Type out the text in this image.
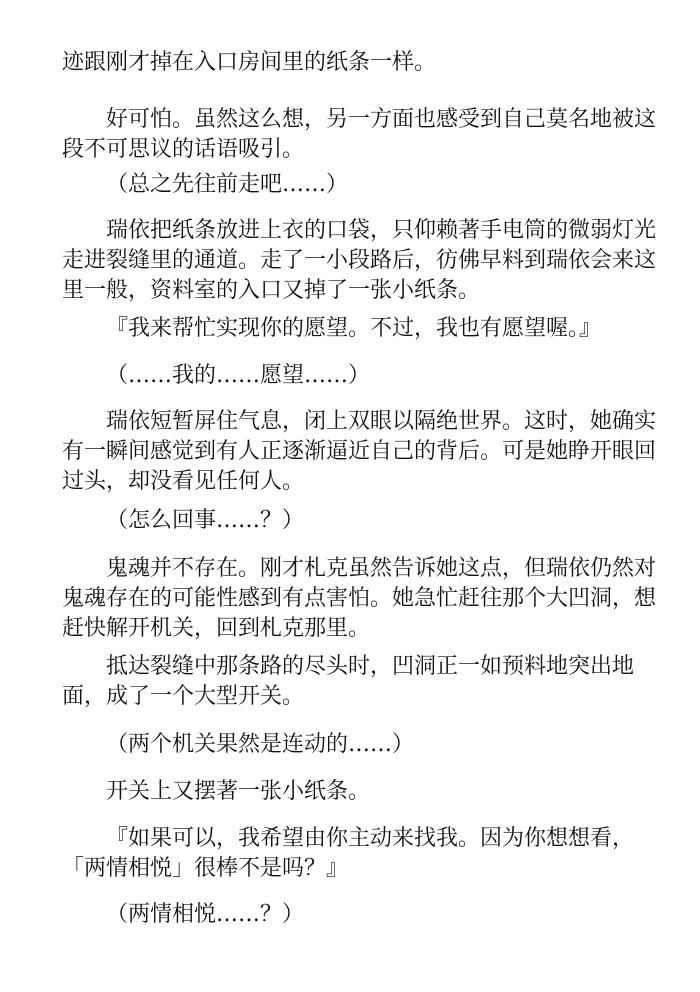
迹跟刚才掉在入口房间里的纸条一样。
好可怕。虽然这么想，另一方面也感受到自己莫名地被这
段不可思议的话语吸引。
（总之先往前走吧……）
瑞依把纸条放进上衣的口袋，只仰赖著手电筒的微弱灯光
走进裂缝里的通道。走了一小段路后，彷佛早料到瑞依会来这
里一般，资料室的入口又掉了一张小纸条。
『我来帮忙实现你的愿望。不过，我也有愿望喔。』
（……我的……愿望……）
瑞依短暂屏住气息，闭上双眼以隔绝世界。这时，她确实
有一瞬间感觉到有人正逐渐逼近自己的背后。可是她睁开眼回
过头，却没看见任何人。
（怎么回事……？）
鬼魂并不存在。刚才札克虽然告诉她这点，但瑞依仍然对
鬼魂存在的可能性感到有点害怕。她急忙赶往那个大凹洞，想
赶快解开机关，回到札克那里。
抵达裂缝中那条路的尽头时，凹洞正一如预料地突出地
面，成了一个大型开关。
（两个机关果然是连动的……）
开关上又摆著一张小纸条。
『如果可以，我希望由你主动来找我。因为你想想看，
「两情相悦」很棒不是吗？』
（两情相悦……？）
